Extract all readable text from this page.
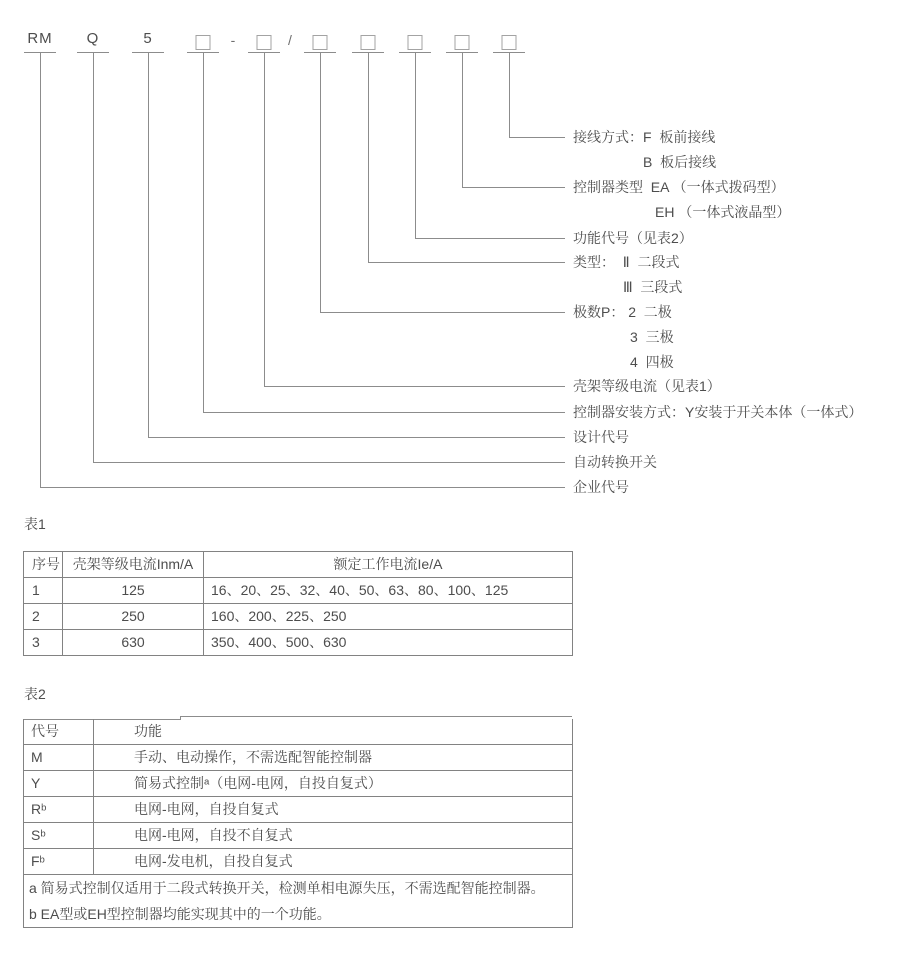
RM Q	5	-	/
接线方式：F  板前接线
B  板后接线
控制器类型  EA （一体式拨码型）
EH （一体式液晶型）
功能代号（见表2）
类型：  Ⅱ  二段式
Ⅲ  三段式
极数P： 2  二极
3  三极
4  四极
壳架等级电流（见表1）
控制器安装方式：Y安装于开关本体（一体式）
设计代号
自动转换开关
企业代号
表1
序号	壳架等级电流Inm/A	额定工作电流Ie/A
1	125	16、20、25、32、40、50、63、80、100、125
2	250	160、200、225、250
3	630	350、400、500、630
表2
代号	功能
M	手动、电动操作，不需选配智能控制器
Y	简易式控制ᵃ（电网-电网，自投自复式）
Rᵇ	电网-电网，自投自复式
Sᵇ	电网-电网，自投不自复式
Fᵇ	电网-发电机，自投自复式

a 简易式控制仅适用于二段式转换开关，检测单相电源失压，不需选配智能控制器。
b EA型或EH型控制器均能实现其中的一个功能。	
